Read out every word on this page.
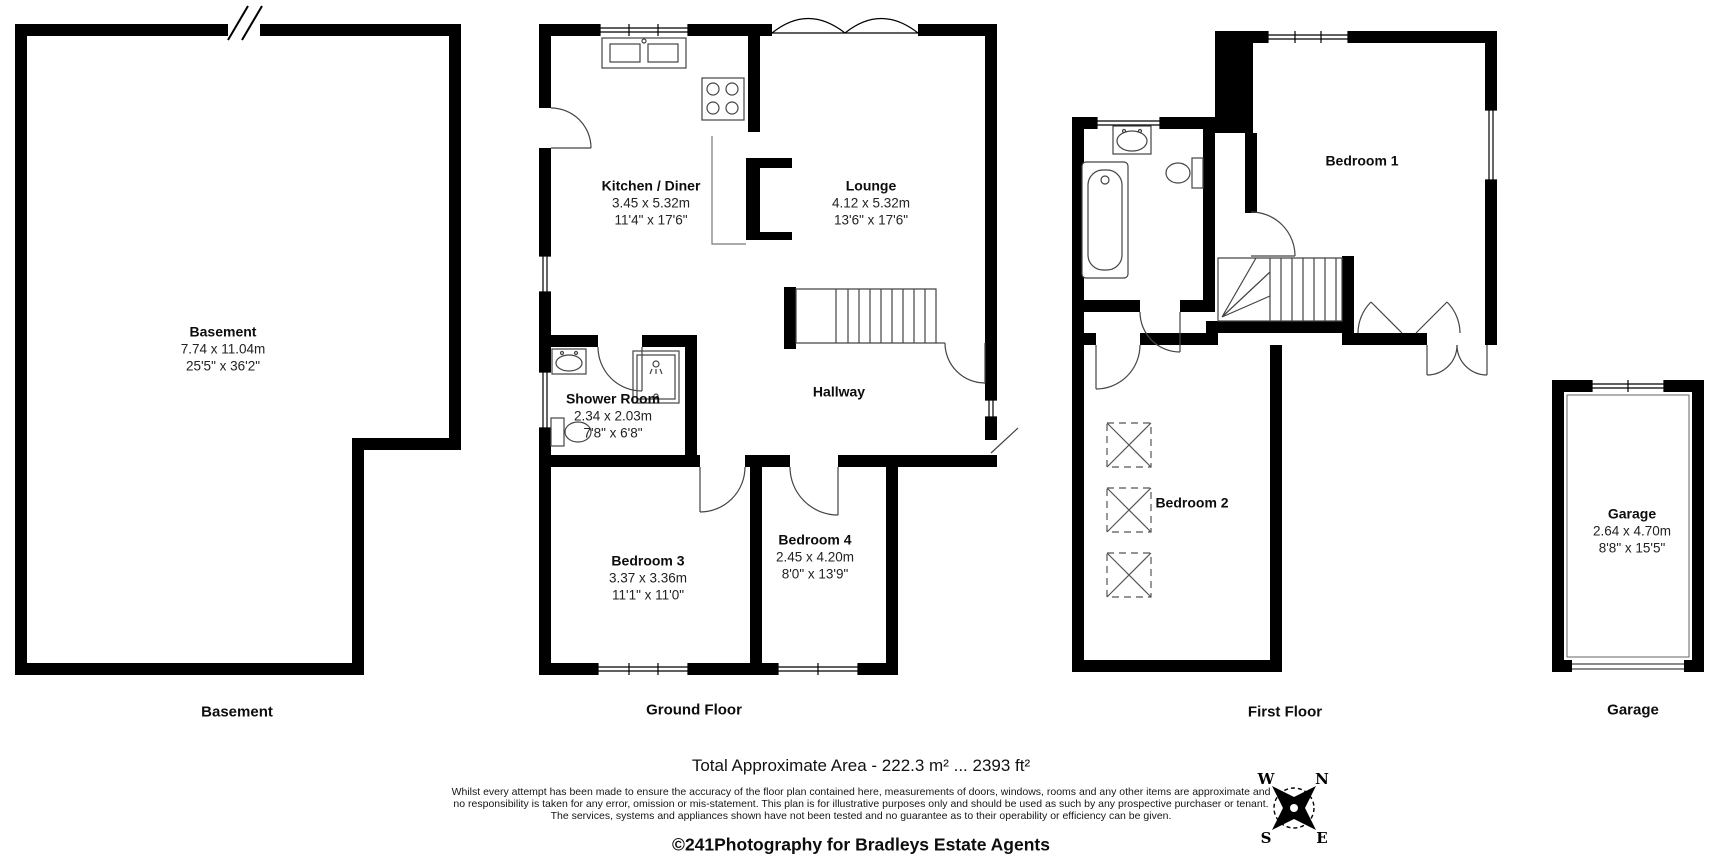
Basement
7.74 x 11.04m
25'5" x 36'2"
Kitchen / Diner
3.45 x 5.32m
11'4" x 17'6"
Lounge
4.12 x 5.32m
13'6" x 17'6"
Shower Room
2.34 x 2.03m
7'8" x 6'8"
Hallway
Bedroom 3
3.37 x 3.36m
11'1" x 11'0"
Bedroom 4
2.45 x 4.20m
8'0" x 13'9"
Bedroom 1
Bedroom 2
Garage
2.64 x 4.70m
8'8" x 15'5"
Basement	Ground Floor	First Floor	Garage
Total Approximate Area - 222.3 m² ... 2393 ft²
Whilst every attempt has been made to ensure the accuracy of the floor plan contained here, measurements of doors, windows, rooms and any other items are approximate and
no responsibility is taken for any error, omission or mis-statement. This plan is for illustrative purposes only and should be used as such by any prospective purchaser or tenant.
The services, systems and appliances shown have not been tested and no guarantee as to their operability or efficiency can be given.
©241Photography for Bradleys Estate Agents
W	N
S	E
